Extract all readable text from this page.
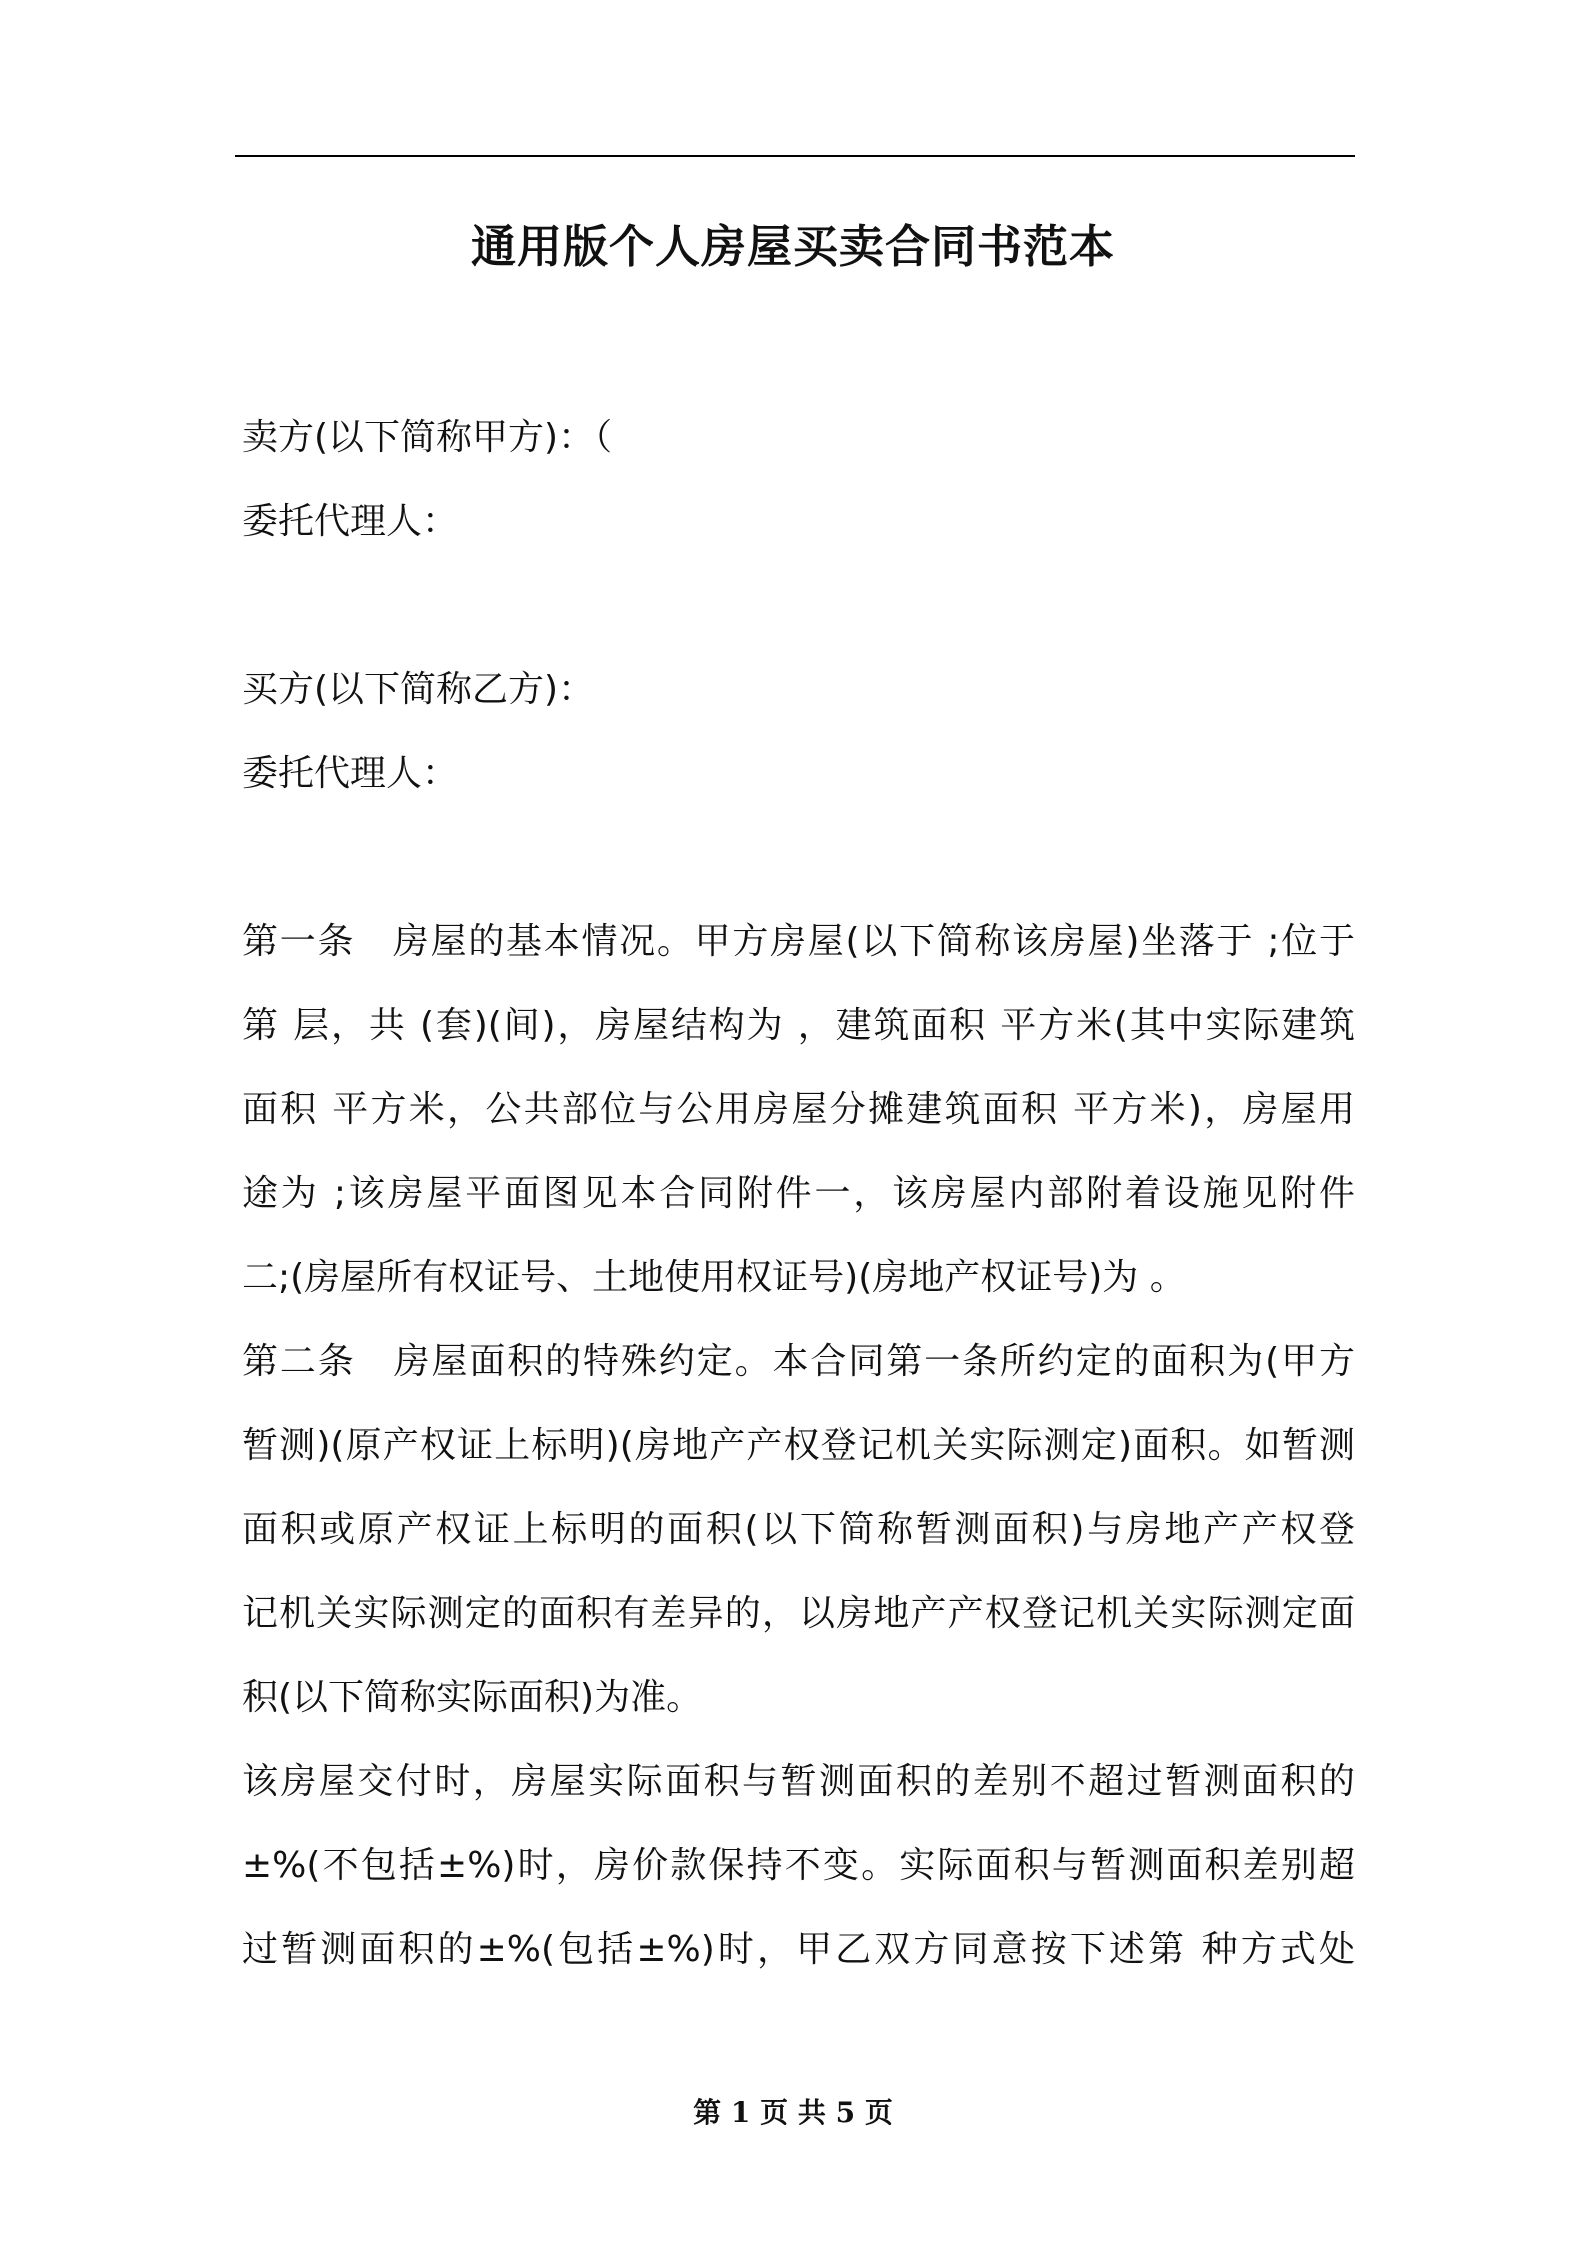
通用版个人房屋买卖合同书范本
卖方(以下简称甲方)：（
委托代理人：
买方(以下简称乙方)：
委托代理人：
第一条　房屋的基本情况。甲方房屋(以下简称该房屋)坐落于 ;位于
第 层，共 (套)(间)，房屋结构为 ，建筑面积 平方米(其中实际建筑
面积 平方米，公共部位与公用房屋分摊建筑面积 平方米)，房屋用
途为 ;该房屋平面图见本合同附件一，该房屋内部附着设施见附件
二;(房屋所有权证号、土地使用权证号)(房地产权证号)为 。
第二条　房屋面积的特殊约定。本合同第一条所约定的面积为(甲方
暂测)(原产权证上标明)(房地产产权登记机关实际测定)面积。如暂测
面积或原产权证上标明的面积(以下简称暂测面积)与房地产产权登
记机关实际测定的面积有差异的，以房地产产权登记机关实际测定面
积(以下简称实际面积)为准。
该房屋交付时，房屋实际面积与暂测面积的差别不超过暂测面积的
±%(不包括±%)时，房价款保持不变。实际面积与暂测面积差别超
过暂测面积的±%(包括±%)时，甲乙双方同意按下述第 种方式处
第 1 页 共 5 页
